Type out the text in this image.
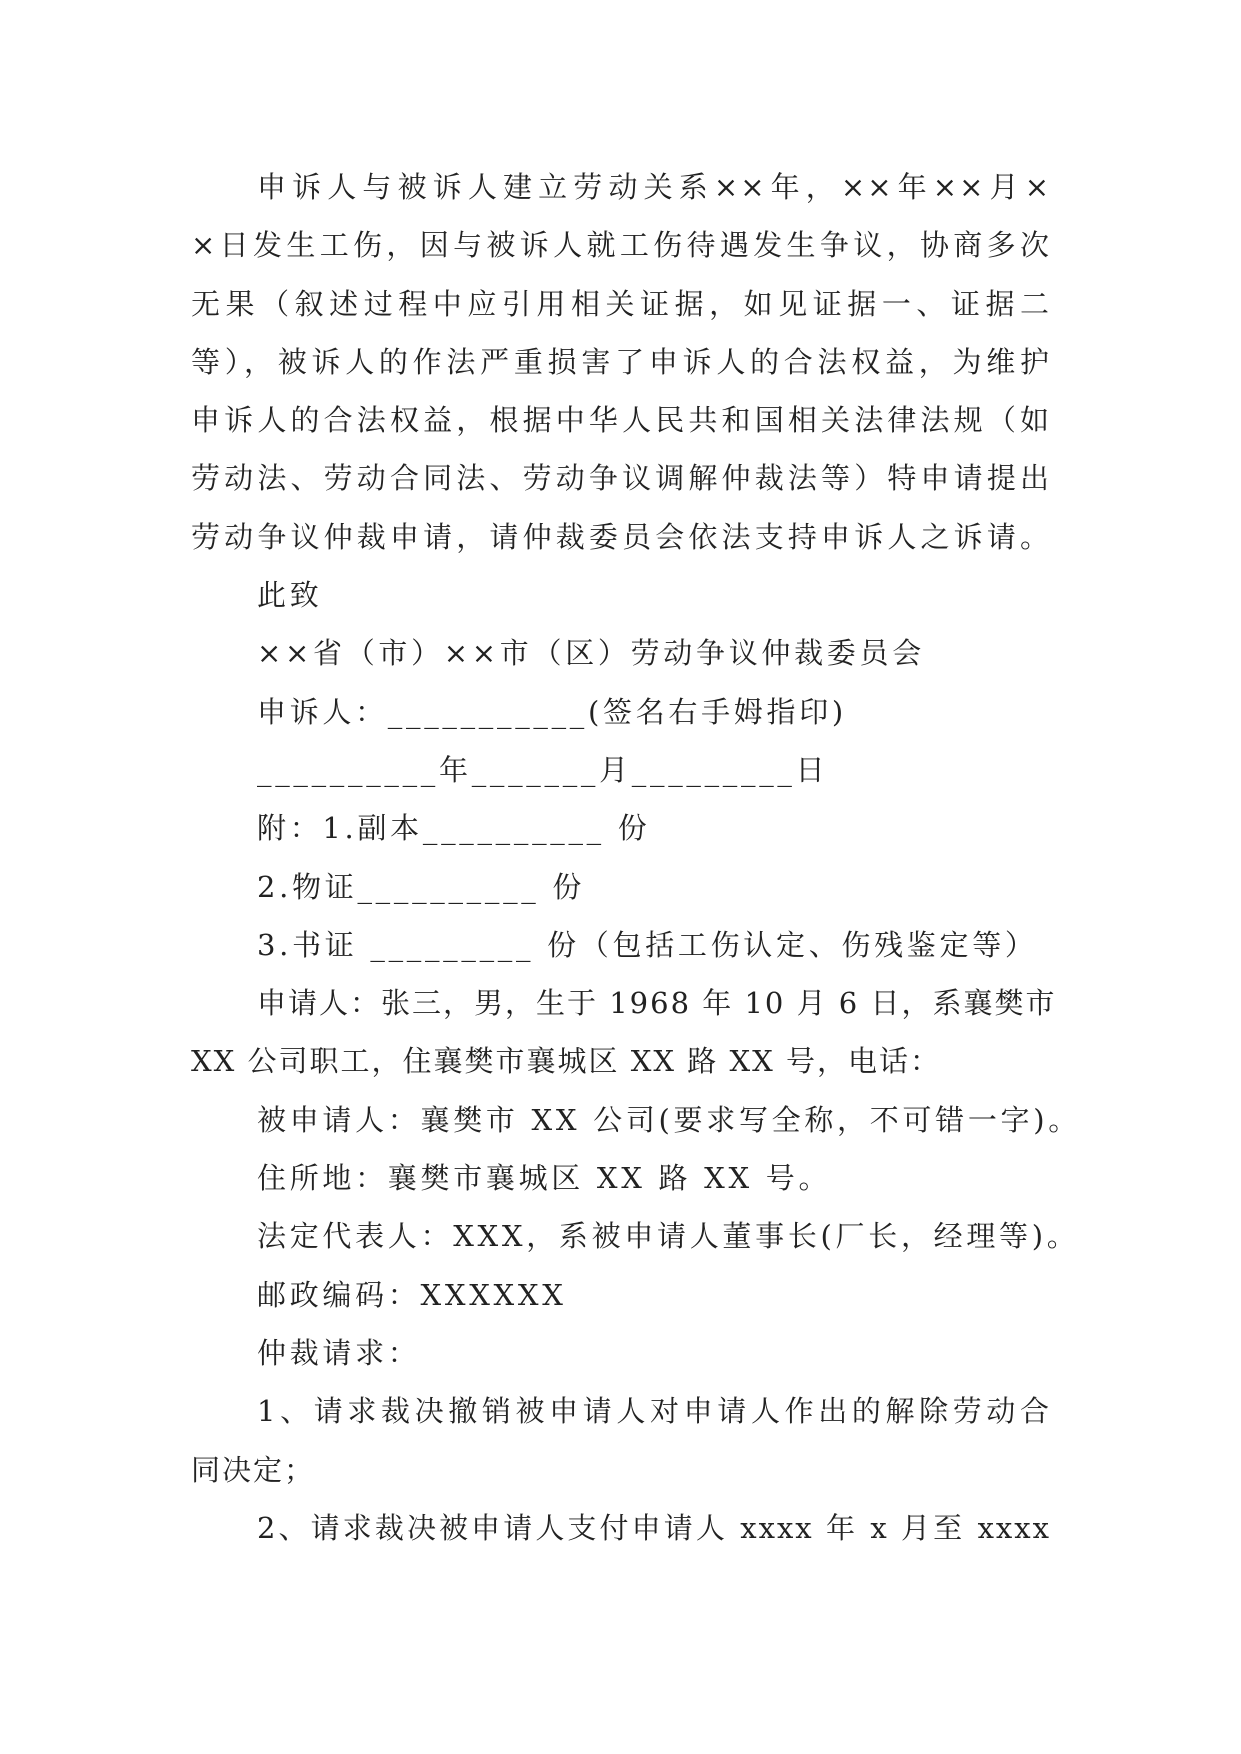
申诉人与被诉人建立劳动关系××年，××年××月×
×日发生工伤，因与被诉人就工伤待遇发生争议，协商多次
无果（叙述过程中应引用相关证据，如见证据一、证据二
等），被诉人的作法严重损害了申诉人的合法权益，为维护
申诉人的合法权益，根据中华人民共和国相关法律法规（如
劳动法、劳动合同法、劳动争议调解仲裁法等）特申请提出
劳动争议仲裁申请，请仲裁委员会依法支持申诉人之诉请。
此致
××省（市）××市（区）劳动争议仲裁委员会
申诉人：___________(签名右手姆指印)
__________年_______月_________日
附：1.副本__________ 份
2.物证__________ 份
3.书证 _________ 份（包括工伤认定、伤残鉴定等）
申请人：张三，男，生于 1968 年 10 月 6 日，系襄樊市
XX 公司职工，住襄樊市襄城区 XX 路 XX 号，电话：
被申请人：襄樊市 XX 公司(要求写全称，不可错一字)。
住所地：襄樊市襄城区 XX 路 XX 号。
法定代表人：XXX，系被申请人董事长(厂长，经理等)。
邮政编码：XXXXXX
仲裁请求：
1、请求裁决撤销被申请人对申请人作出的解除劳动合
同决定；
2、请求裁决被申请人支付申请人 xxxx 年 x 月至 xxxx
